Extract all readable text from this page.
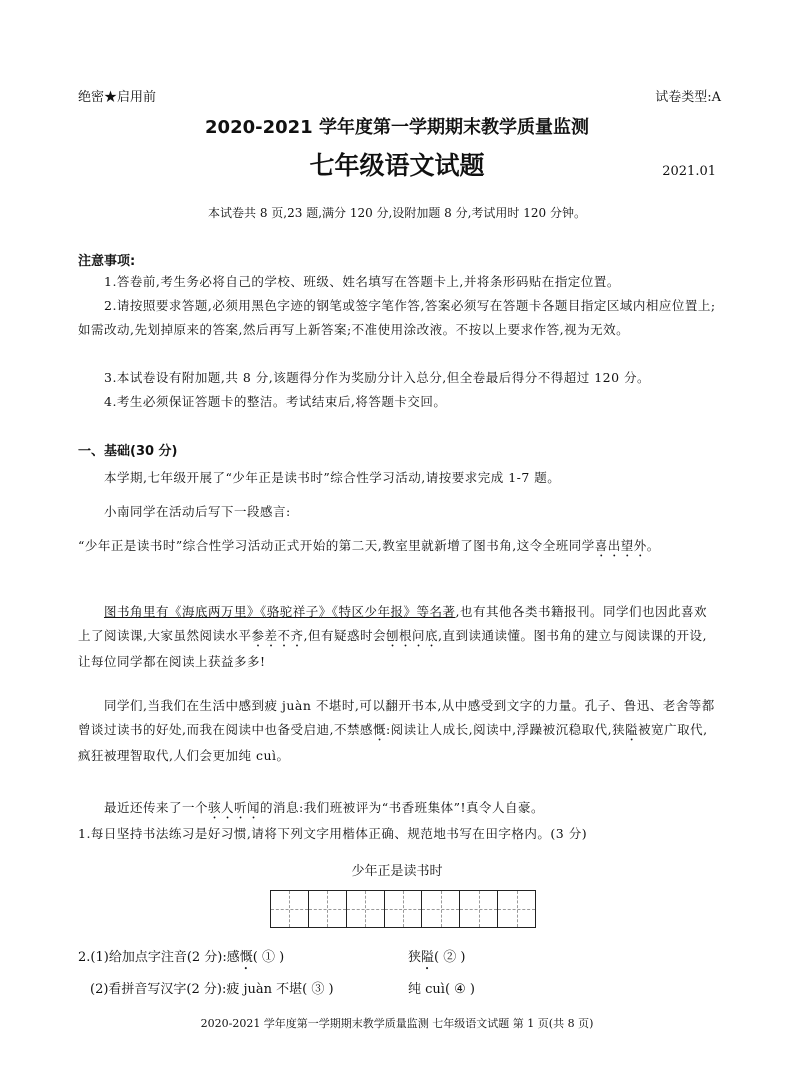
绝密★启用前	试卷类型:A
2020-2021 学年度第一学期期末教学质量监测
七年级语文试题	2021.01
本试卷共 8 页,23 题,满分 120 分,设附加题 8 分,考试用时 120 分钟。
注意事项:
1.答卷前,考生务必将自己的学校、班级、姓名填写在答题卡上,并将条形码贴在指定位置。
2.请按照要求答题,必须用黑色字迹的钢笔或签字笔作答,答案必须写在答题卡各题目指定区域内相应位置上;如需改动,先划掉原来的答案,然后再写上新答案;不准使用涂改液。不按以上要求作答,视为无效。
3.本试卷设有附加题,共 8 分,该题得分作为奖励分计入总分,但全卷最后得分不得超过 120 分。
4.考生必须保证答题卡的整洁。考试结束后,将答题卡交回。
一、基础(30 分)
本学期,七年级开展了“少年正是读书时”综合性学习活动,请按要求完成 1-7 题。
小南同学在活动后写下一段感言:
“少年正是读书时”综合性学习活动正式开始的第二天,教室里就新增了图书角,这令全班同学喜出望外。
图书角里有《海底两万里》《骆驼祥子》《特区少年报》等名著,也有其他各类书籍报刊。同学们也因此喜欢上了阅读课,大家虽然阅读水平参差不齐,但有疑惑时会刨根问底,直到读通读懂。图书角的建立与阅读课的开设,让每位同学都在阅读上获益多多!
同学们,当我们在生活中感到疲 juàn 不堪时,可以翻开书本,从中感受到文字的力量。孔子、鲁迅、老舍等都曾谈过读书的好处,而我在阅读中也备受启迪,不禁感慨:阅读让人成长,阅读中,浮躁被沉稳取代,狭隘被宽广取代,疯狂被理智取代,人们会更加纯 cuì。
最近还传来了一个骇人听闻的消息:我们班被评为“书香班集体”!真令人自豪。
1.每日坚持书法练习是好习惯,请将下列文字用楷体正确、规范地书写在田字格内。(3 分)
少年正是读书时
2.(1)给加点字注音(2 分):感慨( ① )	狭隘( ② )
(2)看拼音写汉字(2 分):疲 juàn 不堪( ③ )	纯 cuì( ④ )
2020-2021 学年度第一学期期末教学质量监测 七年级语文试题 第 1 页(共 8 页)
